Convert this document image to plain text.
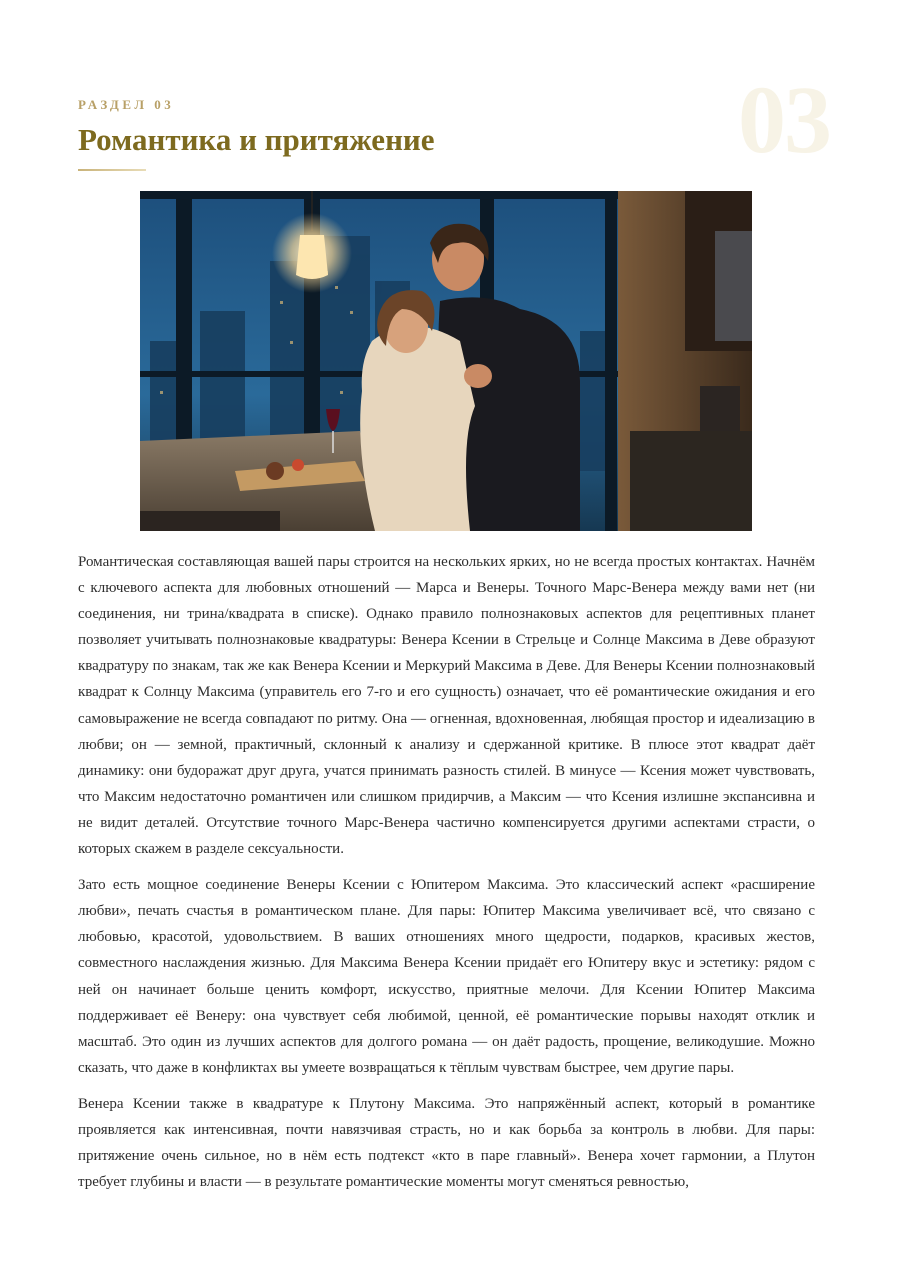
03
РАЗДЕЛ 03
Романтика и притяжение

Романтическая составляющая вашей пары строится на нескольких ярких, но не всегда простых контактах. Начнём с ключевого аспекта для любовных отношений — Марса и Венеры. Точного Марс-Венера между вами нет (ни соединения, ни трина/квадрата в списке). Однако правило полнознаковых аспектов для рецептивных планет позволяет учитывать полнознаковые квадратуры: Венера Ксении в Стрельце и Солнце Максима в Деве образуют квадратуру по знакам, так же как Венера Ксении и Меркурий Максима в Деве. Для Венеры Ксении полнознаковый квадрат к Солнцу Максима (управитель его 7-го и его сущность) означает, что её романтические ожидания и его самовыражение не всегда совпадают по ритму. Она — огненная, вдохновенная, любящая простор и идеализацию в любви; он — земной, практичный, склонный к анализу и сдержанной критике. В плюсе этот квадрат даёт динамику: они будоражат друг друга, учатся принимать разность стилей. В минусе — Ксения может чувствовать, что Максим недостаточно романтичен или слишком придирчив, а Максим — что Ксения излишне экспансивна и не видит деталей. Отсутствие точного Марс-Венера частично компенсируется другими аспектами страсти, о которых скажем в разделе сексуальности.

Зато есть мощное соединение Венеры Ксении с Юпитером Максима. Это классический аспект «расширение любви», печать счастья в романтическом плане. Для пары: Юпитер Максима увеличивает всё, что связано с любовью, красотой, удовольствием. В ваших отношениях много щедрости, подарков, красивых жестов, совместного наслаждения жизнью. Для Максима Венера Ксении придаёт его Юпитеру вкус и эстетику: рядом с ней он начинает больше ценить комфорт, искусство, приятные мелочи. Для Ксении Юпитер Максима поддерживает её Венеру: она чувствует себя любимой, ценной, её романтические порывы находят отклик и масштаб. Это один из лучших аспектов для долгого романа — он даёт радость, прощение, великодушие. Можно сказать, что даже в конфликтах вы умеете возвращаться к тёплым чувствам быстрее, чем другие пары.

Венера Ксении также в квадратуре к Плутону Максима. Это напряжённый аспект, который в романтике проявляется как интенсивная, почти навязчивая страсть, но и как борьба за контроль в любви. Для пары: притяжение очень сильное, но в нём есть подтекст «кто в паре главный». Венера хочет гармонии, а Плутон требует глубины и власти — в результате романтические моменты могут сменяться ревностью,
